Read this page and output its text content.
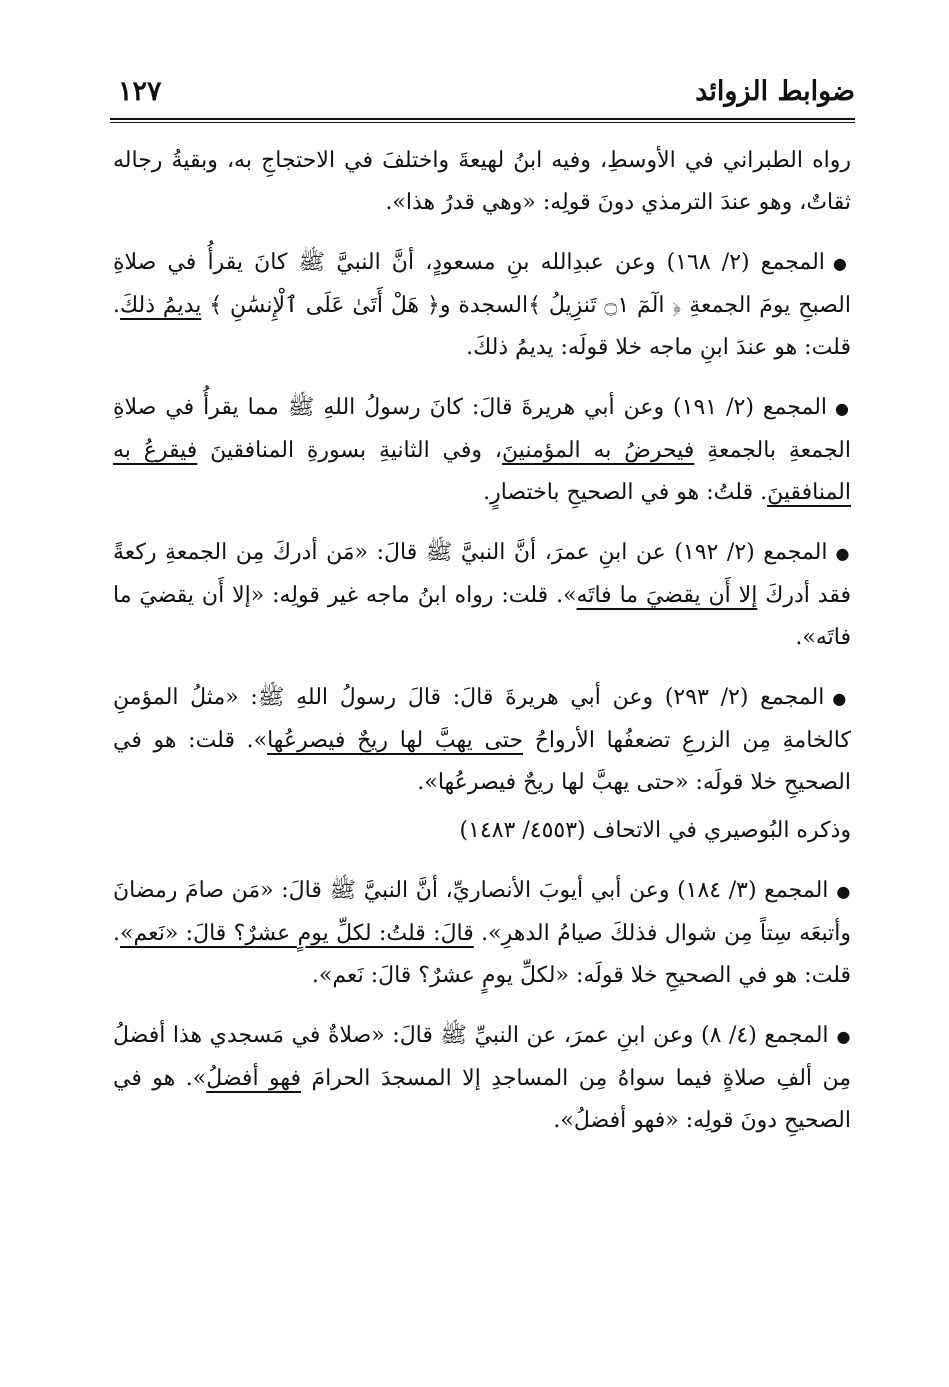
ضوابط الزوائد
١٢٧

رواه الطبراني في الأوسطِ، وفيه ابنُ لهيعةَ واختلفَ في الاحتجاجِ به، وبقيةُ رجاله ثقاتٌ، وهو عندَ الترمذي دونَ قولِه: «وهي قدرُ هذا».

●المجمع (٢/ ١٦٨) وعن عبدِالله بنِ مسعودٍ، أنَّ النبيَّ ﷺ كانَ يقرأُ في صلاةِ الصبحِ يومَ الجمعةِ ﴿ الٓمٓ ۝١ تَنزِيلُ ﴾السجدة و﴿ هَلْ أَتَىٰ عَلَى ٱلْإِنسَٰنِ ﴾ يديمُ ذلكَ. قلت: هو عندَ ابنِ ماجه خلا قولَه: يديمُ ذلكَ.

●المجمع (٢/ ١٩١) وعن أبي هريرةَ قالَ: كانَ رسولُ اللهِ ﷺ مما يقرأُ في صلاةِ الجمعةِ بالجمعةِ فيحرضُ به المؤمنينَ، وفي الثانيةِ بسورةِ المنافقينَ فيقرعُ به المنافقينَ. قلتُ: هو في الصحيحِ باختصارٍ.

●المجمع (٢/ ١٩٢) عن ابنِ عمرَ، أنَّ النبيَّ ﷺ قالَ: «مَن أدركَ مِن الجمعةِ ركعةً فقد أدركَ إلا أَن يقضيَ ما فاتَه». قلت: رواه ابنُ ماجه غير قولِه: «إلا أَن يقضيَ ما فاتَه».

●المجمع (٢/ ٢٩٣) وعن أبي هريرةَ قالَ: قالَ رسولُ اللهِ ﷺ: «مثلُ المؤمنِ كالخامةِ مِن الزرعِ تضعفُها الأرواحُ حتى يهبَّ لها ريحٌ فيصرعُها». قلت: هو في الصحيحِ خلا قولَه: «حتى يهبَّ لها ريحٌ فيصرعُها».

وذكره البُوصيري في الاتحاف (٤٥٥٣/ ١٤٨٣)

●المجمع (٣/ ١٨٤) وعن أبي أيوبَ الأنصاريِّ، أنَّ النبيَّ ﷺ قالَ: «مَن صامَ رمضانَ وأتبعَه سِتاً مِن شوال فذلكَ صيامُ الدهرِ». قالَ: قلتُ: لكلِّ يومٍ عشرٌ؟ قالَ: «نَعم». قلت: هو في الصحيحِ خلا قولَه: «لكلِّ يومٍ عشرٌ؟ قالَ: نَعم».

●المجمع (٤/ ٨) وعن ابنِ عمرَ، عن النبيِّ ﷺ قالَ: «صلاةٌ في مَسجدي هذا أفضلُ مِن ألفِ صلاةٍ فيما سواهُ مِن المساجدِ إلا المسجدَ الحرامَ فهو أفضلُ». هو في الصحيحِ دونَ قولِه: «فهو أفضلُ».
